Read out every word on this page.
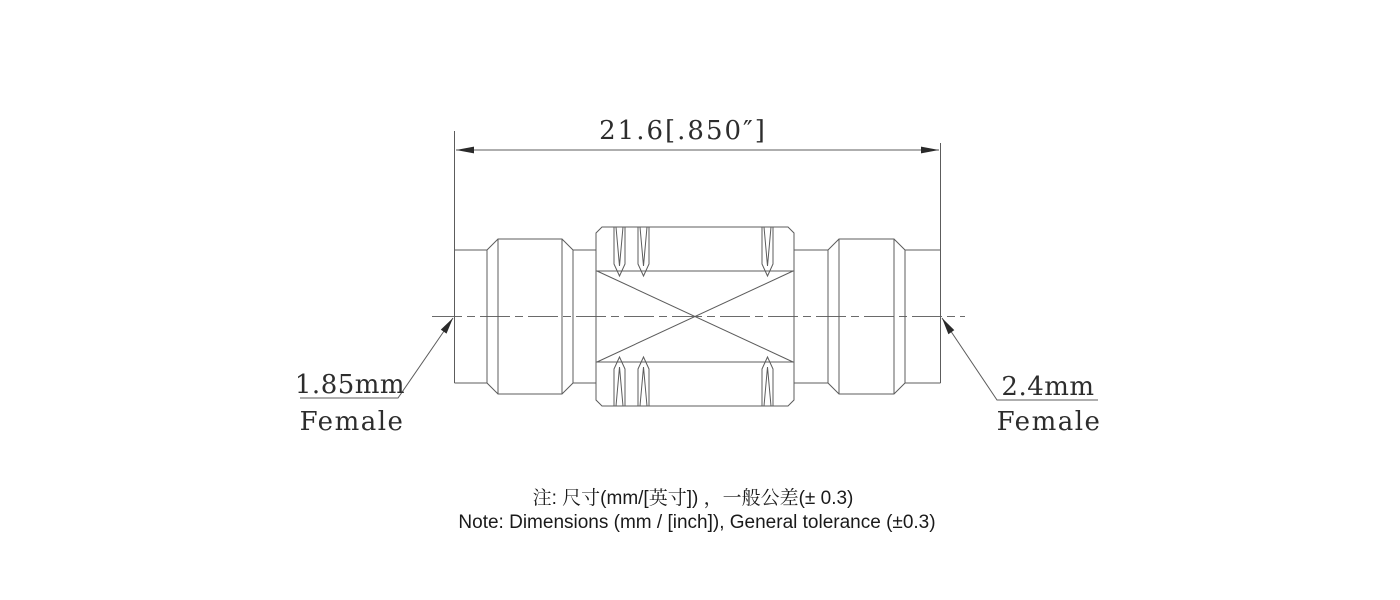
21.6[.850″]
1.85mm
Female
2.4mm
Female
注: 尺寸(mm/[英寸]) ，一般公差(± 0.3)
Note: Dimensions (mm / [inch]), General tolerance (±0.3)
